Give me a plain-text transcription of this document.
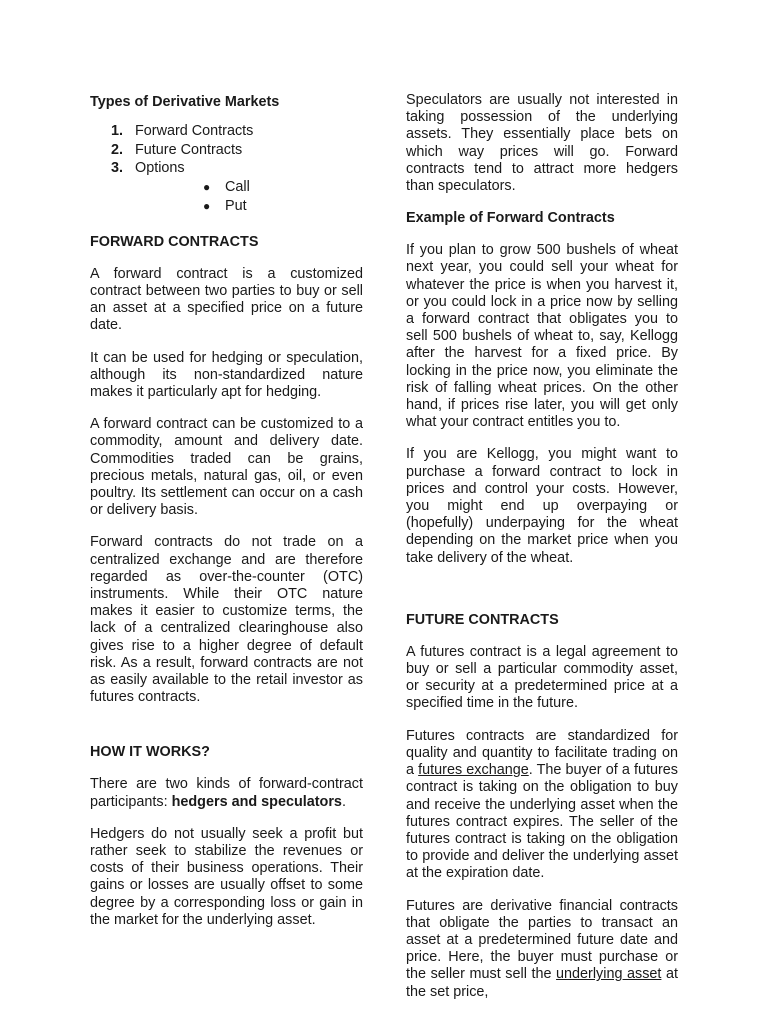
Types of Derivative Markets
1. Forward Contracts
2. Future Contracts
3. Options
● Call
● Put
FORWARD CONTRACTS

A forward contract is a customized contract between two parties to buy or sell an asset at a specified price on a future date.

It can be used for hedging or speculation, although its non-standardized nature makes it particularly apt for hedging.

A forward contract can be customized to a commodity, amount and delivery date. Commodities traded can be grains, precious metals, natural gas, oil, or even poultry. Its settlement can occur on a cash or delivery basis.

Forward contracts do not trade on a centralized exchange and are therefore regarded as over-the-counter (OTC) instruments. While their OTC nature makes it easier to customize terms, the lack of a centralized clearinghouse also gives rise to a higher degree of default risk. As a result, forward contracts are not as easily available to the retail investor as futures contracts.

HOW IT WORKS?

There are two kinds of forward-contract participants: hedgers and speculators.

Hedgers do not usually seek a profit but rather seek to stabilize the revenues or costs of their business operations. Their gains or losses are usually offset to some degree by a corresponding loss or gain in the market for the underlying asset.

Speculators are usually not interested in taking possession of the underlying assets. They essentially place bets on which way prices will go. Forward contracts tend to attract more hedgers than speculators.

Example of Forward Contracts

If you plan to grow 500 bushels of wheat next year, you could sell your wheat for whatever the price is when you harvest it, or you could lock in a price now by selling a forward contract that obligates you to sell 500 bushels of wheat to, say, Kellogg after the harvest for a fixed price. By locking in the price now, you eliminate the risk of falling wheat prices. On the other hand, if prices rise later, you will get only what your contract entitles you to.

If you are Kellogg, you might want to purchase a forward contract to lock in prices and control your costs. However, you might end up overpaying or (hopefully) underpaying for the wheat depending on the market price when you take delivery of the wheat.

FUTURE CONTRACTS

A futures contract is a legal agreement to buy or sell a particular commodity asset, or security at a predetermined price at a specified time in the future.

Futures contracts are standardized for quality and quantity to facilitate trading on a futures exchange. The buyer of a futures contract is taking on the obligation to buy and receive the underlying asset when the futures contract expires. The seller of the futures contract is taking on the obligation to provide and deliver the underlying asset at the expiration date.

Futures are derivative financial contracts that obligate the parties to transact an asset at a predetermined future date and price. Here, the buyer must purchase or the seller must sell the underlying asset at the set price,
